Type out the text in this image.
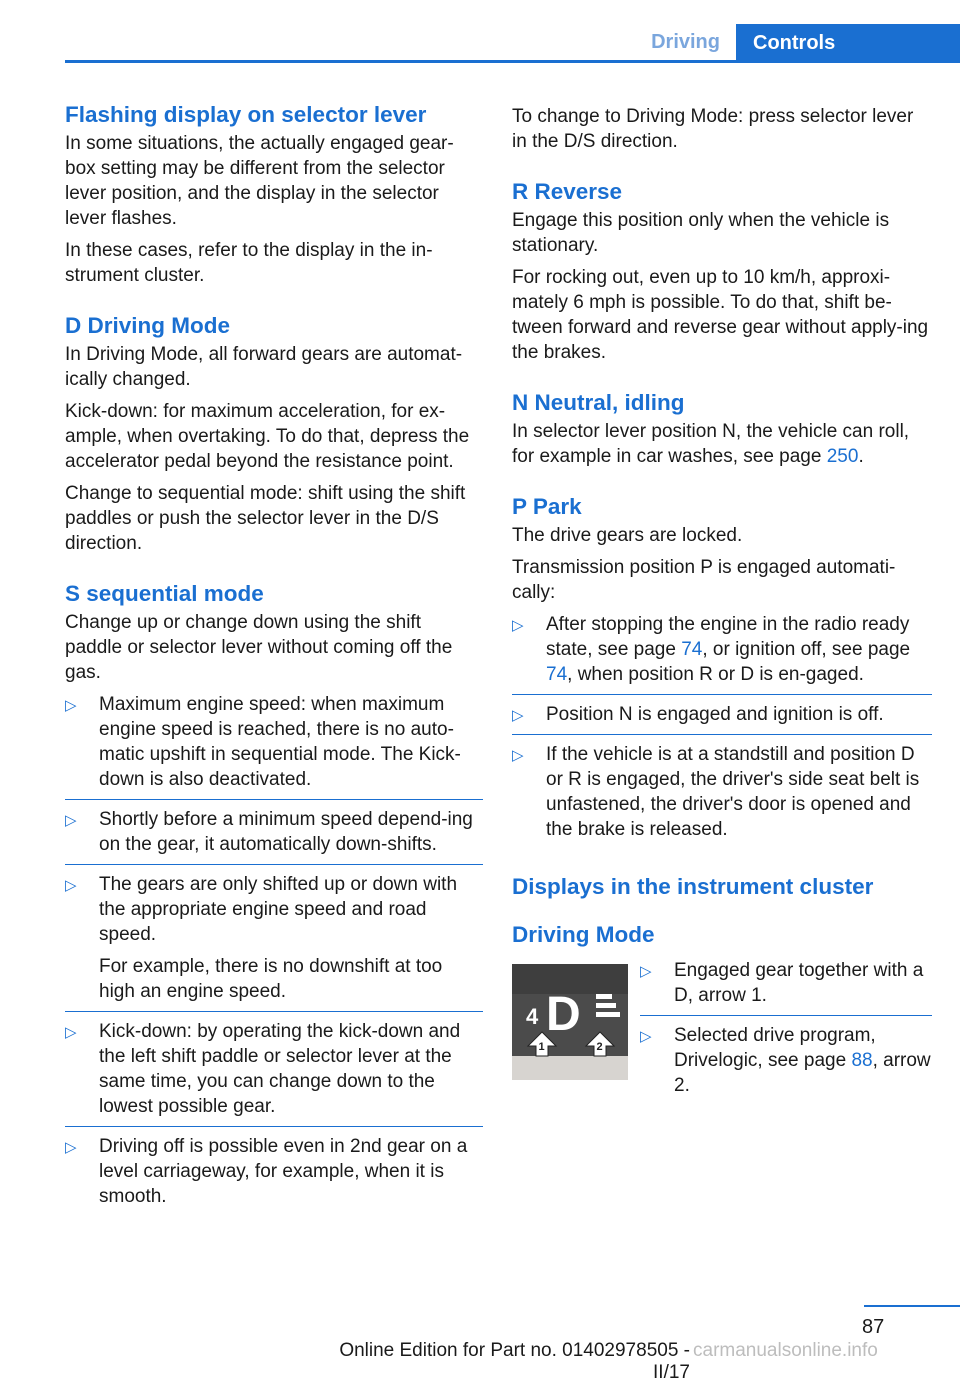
Driving	Controls
Flashing display on selector lever

In some situations, the actually engaged gear-box setting may be different from the selector lever position, and the display in the selector lever flashes.

In these cases, refer to the display in the in-strument cluster.

D Driving Mode

In Driving Mode, all forward gears are automat-ically changed.

Kick-down: for maximum acceleration, for ex-ample, when overtaking. To do that, depress the accelerator pedal beyond the resistance point.

Change to sequential mode: shift using the shift paddles or push the selector lever in the D/S direction.

S sequential mode

Change up or change down using the shift paddle or selector lever without coming off the gas.

▷	Maximum engine speed: when maximum engine speed is reached, there is no auto-matic upshift in sequential mode. The Kick-down is also deactivated.
▷	Shortly before a minimum speed depend-ing on the gear, it automatically down-shifts.
▷	The gears are only shifted up or down with the appropriate engine speed and road speed.
For example, there is no downshift at too high an engine speed.
▷	Kick-down: by operating the kick-down and the left shift paddle or selector lever at the same time, you can change down to the lowest possible gear.
▷	Driving off is possible even in 2nd gear on a level carriageway, for example, when it is smooth.

To change to Driving Mode: press selector lever in the D/S direction.

R Reverse

Engage this position only when the vehicle is stationary.

For rocking out, even up to 10 km/h, approxi-mately 6 mph is possible. To do that, shift be-tween forward and reverse gear without apply-ing the brakes.

N Neutral, idling

In selector lever position N, the vehicle can roll, for example in car washes, see page 250.

P Park

The drive gears are locked.

Transmission position P is engaged automati-cally:

▷	After stopping the engine in the radio ready state, see page 74, or ignition off, see page 74, when position R or D is en-gaged.
▷	Position N is engaged and ignition is off.
▷	If the vehicle is at a standstill and position D or R is engaged, the driver's side seat belt is unfastened, the driver's door is opened and the brake is released.
Displays in the instrument cluster
Driving Mode
4 D
1	2
▷	Engaged gear together with a D, arrow 1.
▷	Selected drive program, Drivelogic, see page 88, arrow 2.
87
Online Edition for Part no. 01402978505 - II/17
carmanualsonline.info
